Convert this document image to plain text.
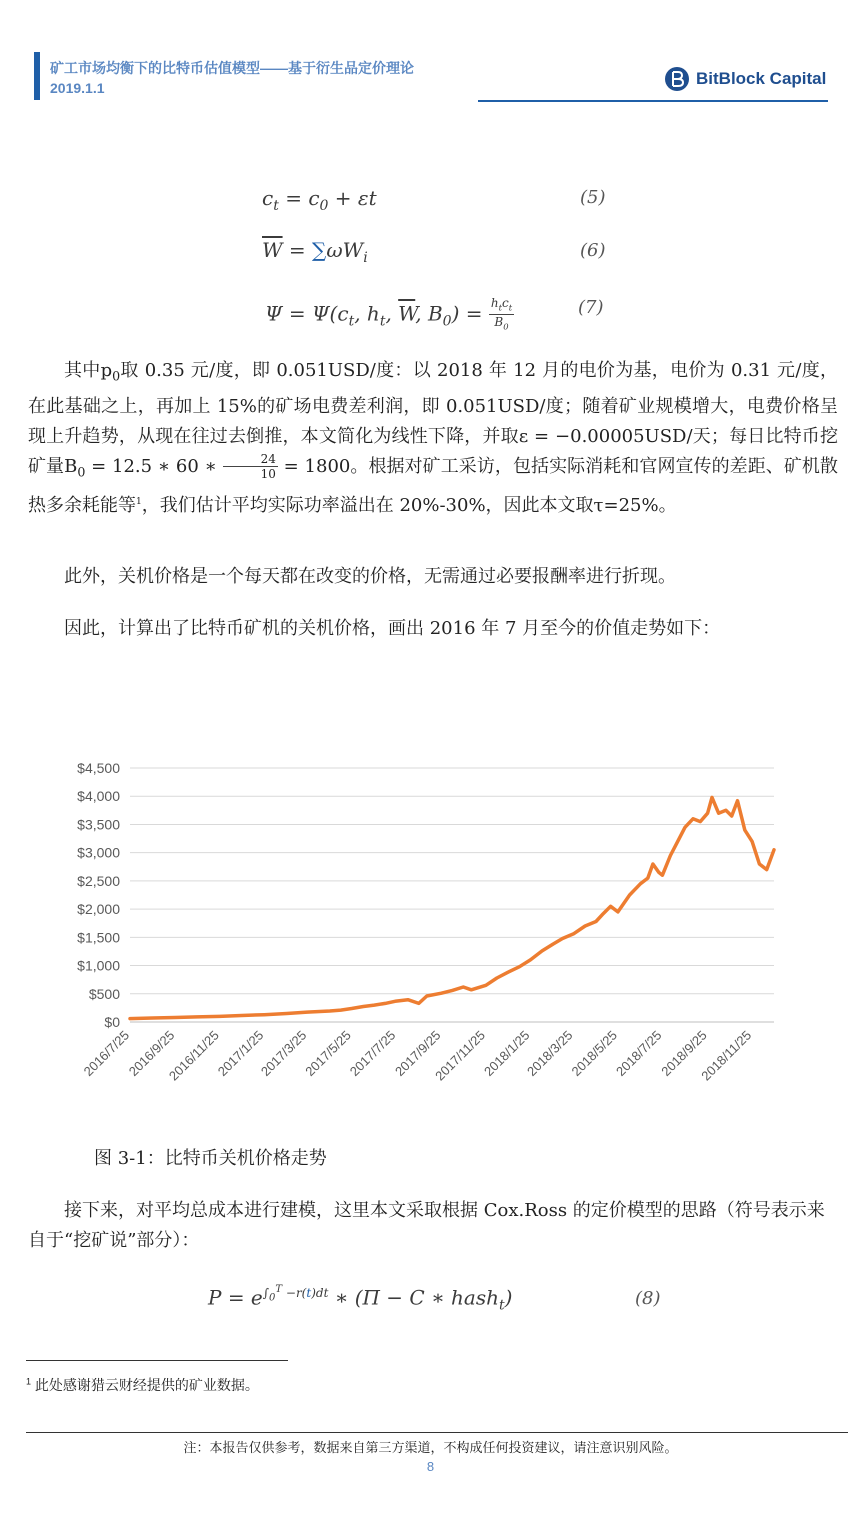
矿工市场均衡下的比特币估值模型——基于衍生品定价理论
2019.1.1	BitBlock Capital
$c_t = c_0 + \varepsilon t$	(5)
$\overline{W} = \sum\omega W_i$	(6)
$\Psi = \Psi(c_t$, $h_t$, $\overline{W}$, $B_0) = \frac{h_tc_t}{B_0}$	(7)
其中$p_0$取 0.35 元/度，即 0.051USD/度：以 2018 年 12 月的电价为基，电价为 0.31 元/度，在此基础之上，再加上 15%的矿场电费差利润，即 0.051USD/度；随着矿业规模增大，电费价格呈现上升趋势，从现在往过去倒推，本文简化为线性下降，并取ε = −0.00005USD/天；每日比特币挖矿量$B_0 = 12.5$ ∗ 60 ∗ $\frac{24}{10} = 1800$。根据对矿工采访，包括实际消耗和官网宣传的差距、矿机散热多余耗能等$^1$，我们估计平均实际功率溢出在 20%-30%，因此本文取τ=25%。
此外，关机价格是一个每天都在改变的价格，无需通过必要报酬率进行折现。
因此，计算出了比特币矿机的关机价格，画出 2016 年 7 月至今的价值走势如下：
$4,500
$4,000
$3,500
$3,000
$2,500
$2,000
$1,500
$1,000
$500
$0
2016/7/25
2016/9/25
2016/11/25
2017/1/25
2017/3/25
2017/5/25
2017/7/25
2017/9/25
2017/11/25
2018/1/25
2018/3/25
2018/5/25
2018/7/25
2018/9/25
2018/11/25
图 3-1：比特币关机价格走势
接下来，对平均总成本进行建模，这里本文采取根据 Cox.Ross 的定价模型的思路（符号表示来自于“挖矿说”部分）：
$P = e^{\int_0^T -r(t)dt}$ ∗ (Π − C ∗ hash$_t$)	(8)
$^1$ 此处感谢猎云财经提供的矿业数据。
注：本报告仅供参考，数据来自第三方渠道，不构成任何投资建议，请注意识别风险。
8
